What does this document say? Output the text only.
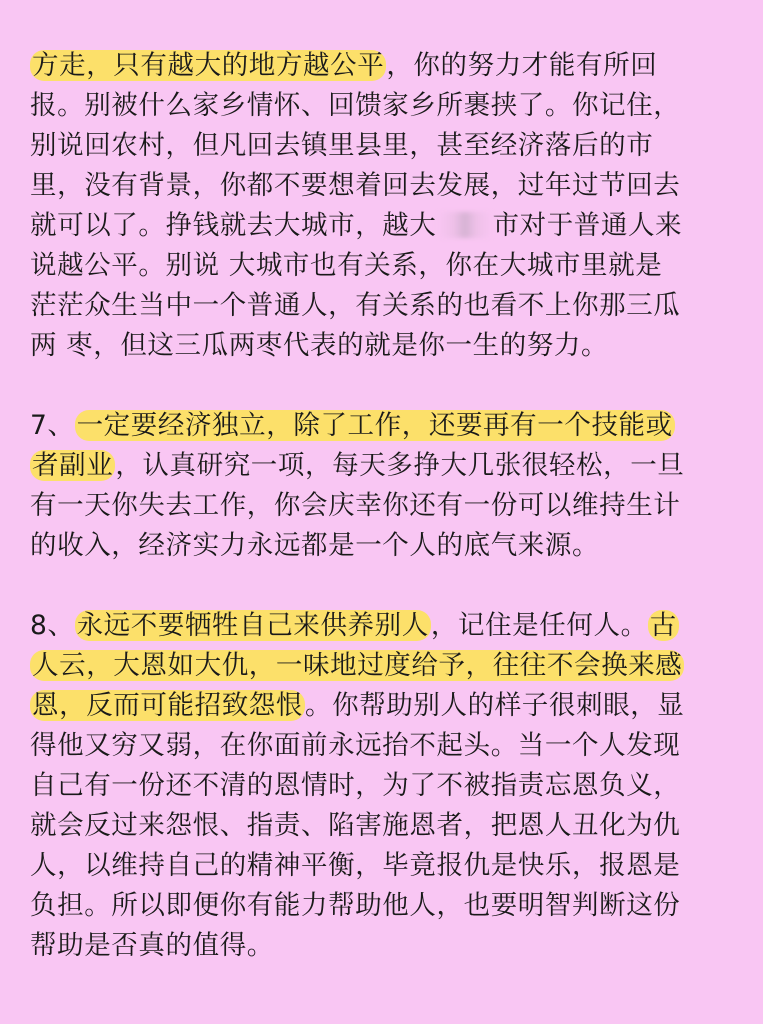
方走，只有越大的地方越公平，你的努力才能有所回
报。别被什么家乡情怀、回馈家乡所裹挟了。你记住，
别说回农村，但凡回去镇里县里，甚至经济落后的市
里，没有背景，你都不要想着回去发展，过年过节回去
就可以了。挣钱就去大城市，越大 市对于普通人来
说越公平。别说 大城市也有关系，你在大城市里就是
茫茫众生当中一个普通人，有关系的也看不上你那三瓜
两 枣，但这三瓜两枣代表的就是你一生的努力。
7、一定要经济独立，除了工作，还要再有一个技能或
者副业，认真研究一项，每天多挣大几张很轻松，一旦
有一天你失去工作，你会庆幸你还有一份可以维持生计
的收入，经济实力永远都是一个人的底气来源。
8、永远不要牺牲自己来供养别人，记住是任何人。古
人云，大恩如大仇，一味地过度给予，往往不会换来感
恩，反而可能招致怨恨。你帮助别人的样子很刺眼，显
得他又穷又弱，在你面前永远抬不起头。当一个人发现
自己有一份还不清的恩情时，为了不被指责忘恩负义，
就会反过来怨恨、指责、陷害施恩者，把恩人丑化为仇
人，以维持自己的精神平衡，毕竟报仇是快乐，报恩是
负担。所以即便你有能力帮助他人，也要明智判断这份
帮助是否真的值得。
